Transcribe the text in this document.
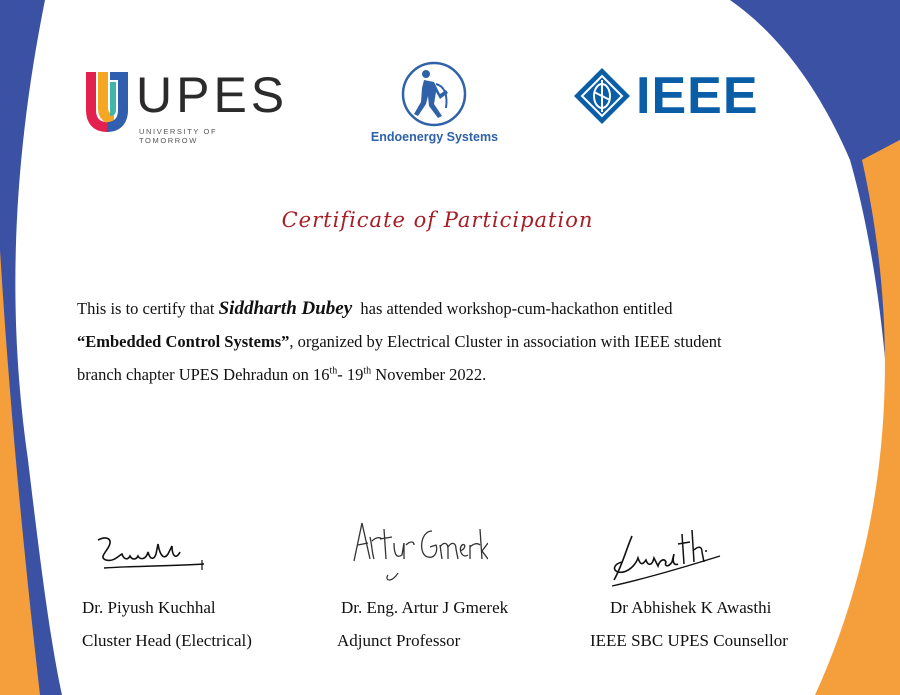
UPES
UNIVERSITY OF TOMORROW	Endoenergy Systems
IEEE
Certificate of Participation
This is to certify that Siddharth Dubey  has attended workshop-cum-hackathon entitled
“Embedded Control Systems”, organized by Electrical Cluster in association with IEEE student
branch chapter UPES Dehradun on 16th- 19th November 2022.
Dr. Piyush Kuchhal
Cluster Head (Electrical)
Dr. Eng. Artur J Gmerek
Adjunct Professor
Dr Abhishek K Awasthi
IEEE SBC UPES Counsellor
